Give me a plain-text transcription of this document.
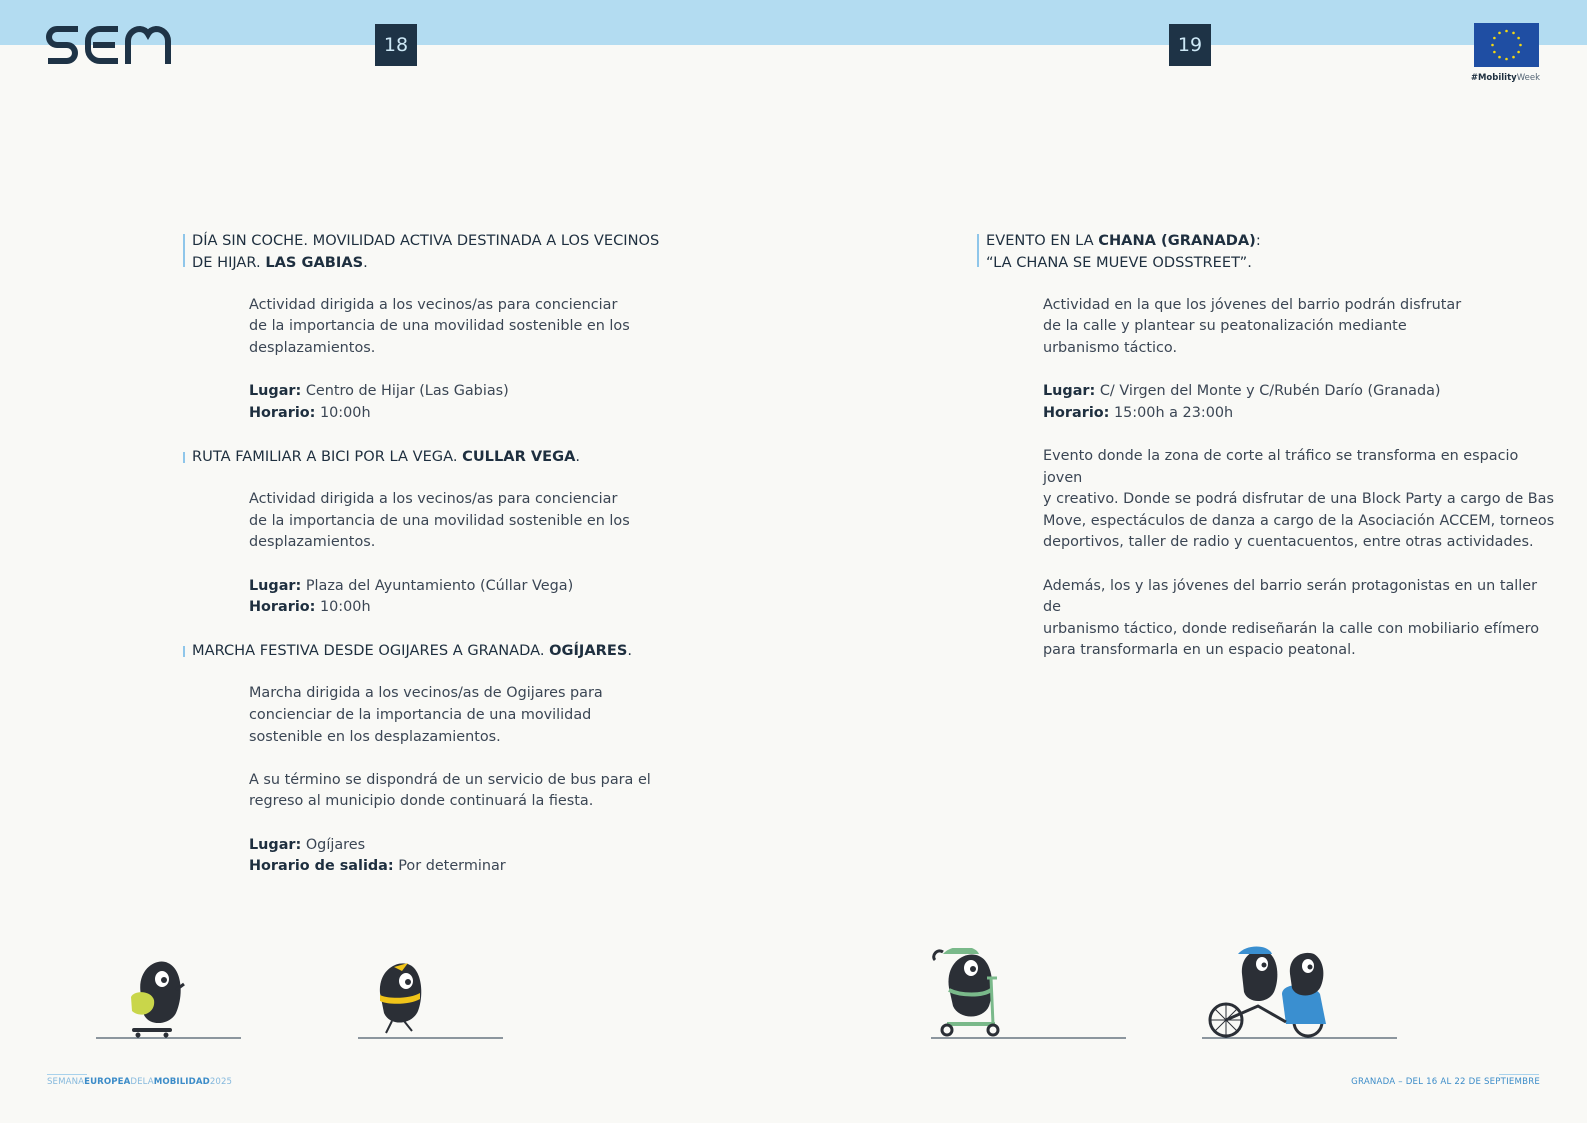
18	19
#MobilityWeek
DÍA SIN COCHE. MOVILIDAD ACTIVA DESTINADA A LOS VECINOS
DE HIJAR. LAS GABIAS.
Actividad dirigida a los vecinos/as para concienciar
de la importancia de una movilidad sostenible en los
desplazamientos.
Lugar: Centro de Hijar (Las Gabias)
Horario: 10:00h
RUTA FAMILIAR A BICI POR LA VEGA. CULLAR VEGA.
Actividad dirigida a los vecinos/as para concienciar
de la importancia de una movilidad sostenible en los
desplazamientos.
Lugar: Plaza del Ayuntamiento (Cúllar Vega)
Horario: 10:00h
MARCHA FESTIVA DESDE OGIJARES A GRANADA. OGÍJARES.
Marcha dirigida a los vecinos/as de Ogijares para
concienciar de la importancia de una movilidad
sostenible en los desplazamientos.
A su término se dispondrá de un servicio de bus para el
regreso al municipio donde continuará la fiesta.
Lugar: Ogíjares
Horario de salida: Por determinar
EVENTO EN LA CHANA (GRANADA):
“LA CHANA SE MUEVE ODSSTREET”.
Actividad en la que los jóvenes del barrio podrán disfrutar
de la calle y plantear su peatonalización mediante
urbanismo táctico.
Lugar: C/ Virgen del Monte y C/Rubén Darío (Granada)
Horario: 15:00h a 23:00h
Evento donde la zona de corte al tráfico se transforma en espacio joven
y creativo. Donde se podrá disfrutar de una Block Party a cargo de Bas
Move, espectáculos de danza a cargo de la Asociación ACCEM, torneos
deportivos, taller de radio y cuentacuentos, entre otras actividades.
Además, los y las jóvenes del barrio serán protagonistas en un taller de
urbanismo táctico, donde rediseñarán la calle con mobiliario efímero
para transformarla en un espacio peatonal.
SEMANAEUROPEADELAMOBILIDAD2025	GRANADA – DEL 16 AL 22 DE SEPTIEMBRE
